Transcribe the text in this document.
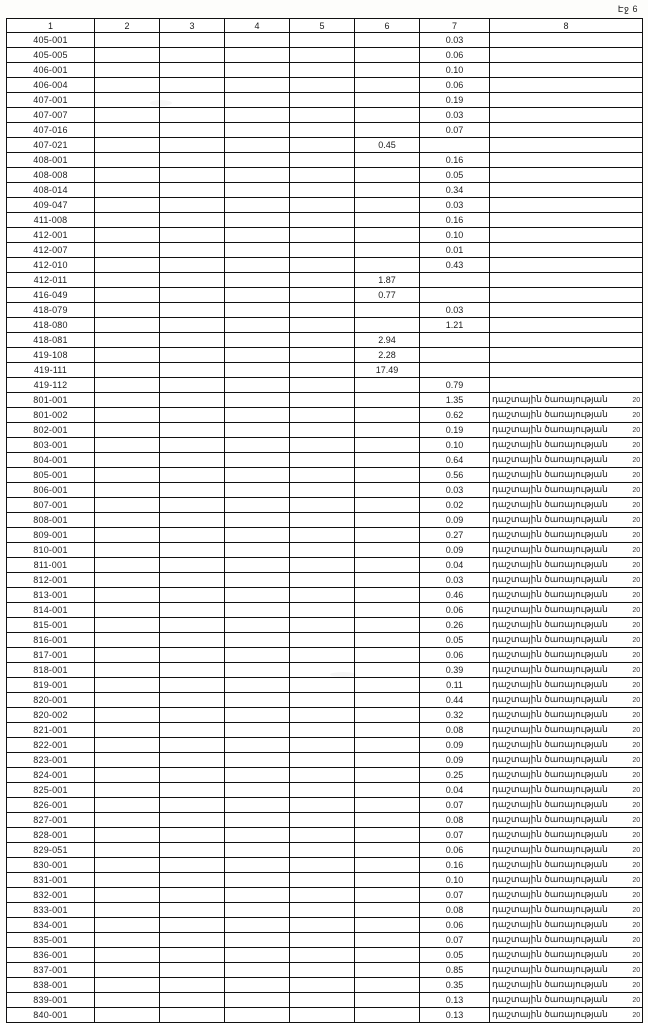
Էջ 6
1	2	3	4	5	6	7	8
405-001						0.03	

405-005						0.06	

406-001						0.10	

406-004						0.06	

407-001						0.19	

407-007						0.03	

407-016						0.07	

407-021					0.45		

408-001						0.16	

408-008						0.05	

408-014						0.34	

409-047						0.03	

411-008						0.16	

412-001						0.10	

412-007						0.01	

412-010						0.43	

412-011					1.87		

416-049					0.77		

418-079						0.03	

418-080						1.21	

418-081					2.94		

419-108					2.28		

419-111					17.49		

419-112						0.79	

801-001						1.35	դաշտային ծառայության 20

801-002						0.62	դաշտային ծառայության 20

802-001						0.19	դաշտային ծառայության 20

803-001						0.10	դաշտային ծառայության 20

804-001						0.64	դաշտային ծառայության 20

805-001						0.56	դաշտային ծառայության 20

806-001						0.03	դաշտային ծառայության 20

807-001						0.02	դաշտային ծառայության 20

808-001						0.09	դաշտային ծառայության 20

809-001						0.27	դաշտային ծառայության 20

810-001						0.09	դաշտային ծառայության 20

811-001						0.04	դաշտային ծառայության 20

812-001						0.03	դաշտային ծառայության 20

813-001						0.46	դաշտային ծառայության 20

814-001						0.06	դաշտային ծառայության 20

815-001						0.26	դաշտային ծառայության 20

816-001						0.05	դաշտային ծառայության 20

817-001						0.06	դաշտային ծառայության 20

818-001						0.39	դաշտային ծառայության 20

819-001						0.11	դաշտային ծառայության 20

820-001						0.44	դաշտային ծառայության 20

820-002						0.32	դաշտային ծառայության 20

821-001						0.08	դաշտային ծառայության 20

822-001						0.09	դաշտային ծառայության 20

823-001						0.09	դաշտային ծառայության 20

824-001						0.25	դաշտային ծառայության 20

825-001						0.04	դաշտային ծառայության 20

826-001						0.07	դաշտային ծառայության 20

827-001						0.08	դաշտային ծառայության 20

828-001						0.07	դաշտային ծառայության 20

829-051						0.06	դաշտային ծառայության 20

830-001						0.16	դաշտային ծառայության 20

831-001						0.10	դաշտային ծառայության 20

832-001						0.07	դաշտային ծառայության 20

833-001						0.08	դաշտային ծառայության 20

834-001						0.06	դաշտային ծառայության 20

835-001						0.07	դաշտային ծառայության 20

836-001						0.05	դաշտային ծառայության 20

837-001						0.85	դաշտային ծառայության 20

838-001						0.35	դաշտային ծառայության 20

839-001						0.13	դաշտային ծառայության 20

840-001						0.13	դաշտային ծառայության 20
